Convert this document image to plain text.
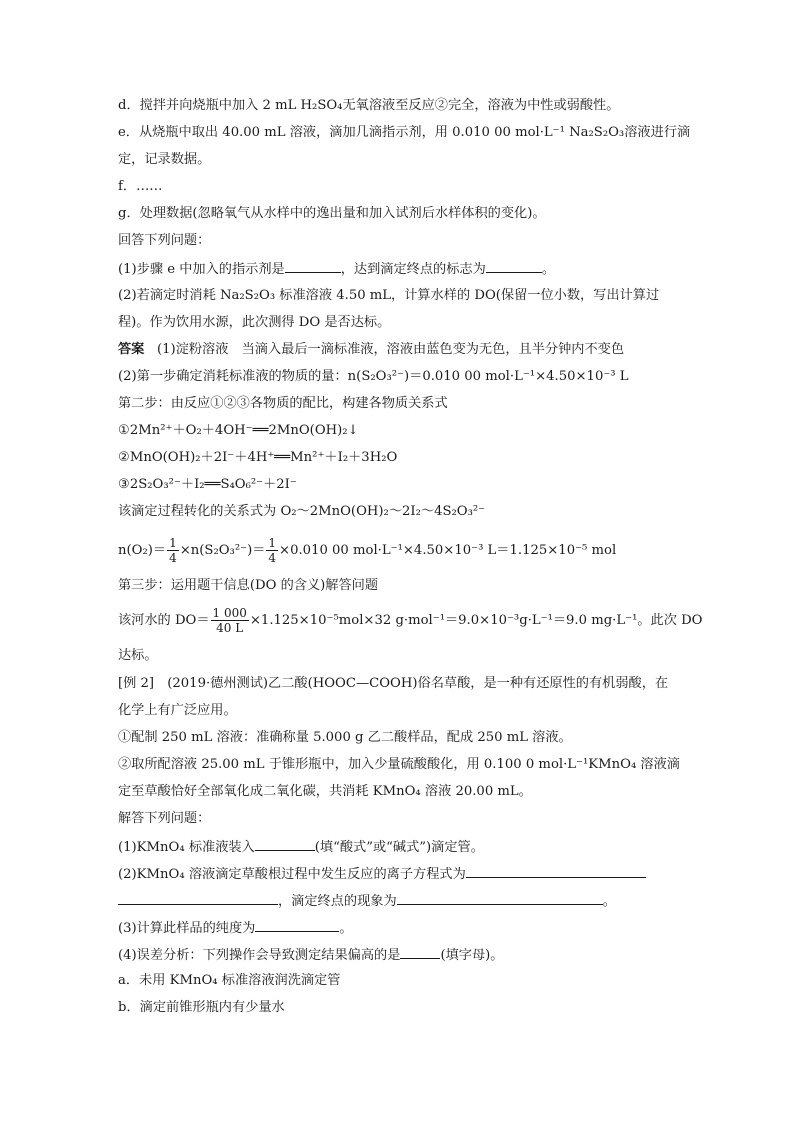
d．搅拌并向烧瓶中加入 2 mL H₂SO₄无氧溶液至反应②完全，溶液为中性或弱酸性。
e．从烧瓶中取出 40.00 mL 溶液，滴加几滴指示剂，用 0.010 00 mol·L⁻¹ Na₂S₂O₃溶液进行滴
定，记录数据。
f．……
g．处理数据(忽略氧气从水样中的逸出量和加入试剂后水样体积的变化)。
回答下列问题：
(1)步骤 e 中加入的指示剂是	，达到滴定终点的标志为	。
(2)若滴定时消耗 Na₂S₂O₃ 标准溶液 4.50 mL，计算水样的 DO(保留一位小数，写出计算过
程)。作为饮用水源，此次测得 DO 是否达标。
答案 (1)淀粉溶液　当滴入最后一滴标准液，溶液由蓝色变为无色，且半分钟内不变色
(2)第一步确定消耗标准液的物质的量：n(S₂O₃²⁻)＝0.010 00 mol·L⁻¹×4.50×10⁻³ L
第二步：由反应①②③各物质的配比，构建各物质关系式
①2Mn²⁺＋O₂＋4OH⁻══2MnO(OH)₂↓
②MnO(OH)₂＋2I⁻＋4H⁺══Mn²⁺＋I₂＋3H₂O
③2S₂O₃²⁻＋I₂══S₄O₆²⁻＋2I⁻
该滴定过程转化的关系式为 O₂～2MnO(OH)₂～2I₂～4S₂O₃²⁻
$n(O_2)= \frac{1}{4} \times n(S_2O_3^{2-})= \frac{1}{4} \times 0.010$ 00 mol·L⁻¹×4.50×10⁻³ L＝1.125×10⁻⁵ mol
第三步：运用题干信息(DO 的含义)解答问题
该河水的 $DO= \frac{1 000}{40 L} \times 1.125\times 10^{-5}mol\times 32$ g·mol⁻¹＝9.0×10⁻³g·L⁻¹＝9.0 mg·L⁻¹。此次 DO
达标。
[例 2]　(2019·德州测试)乙二酸(HOOC—COOH)俗名草酸，是一种有还原性的有机弱酸，在
化学上有广泛应用。
①配制 250 mL 溶液：准确称量 5.000 g 乙二酸样品，配成 250 mL 溶液。
②取所配溶液 25.00 mL 于锥形瓶中，加入少量硫酸酸化，用 0.100 0 mol·L⁻¹KMnO₄ 溶液滴
定至草酸恰好全部氧化成二氧化碳，共消耗 KMnO₄ 溶液 20.00 mL。
解答下列问题：
(1)KMnO₄ 标准液装入	(填“酸式”或“碱式”)滴定管。
(2)KMnO₄ 溶液滴定草酸根过程中发生反应的离子方程式为
，滴定终点的现象为	。
(3)计算此样品的纯度为	。
(4)误差分析：下列操作会导致测定结果偏高的是	(填字母)。
a．未用 KMnO₄ 标准溶液润洗滴定管
b．滴定前锥形瓶内有少量水
